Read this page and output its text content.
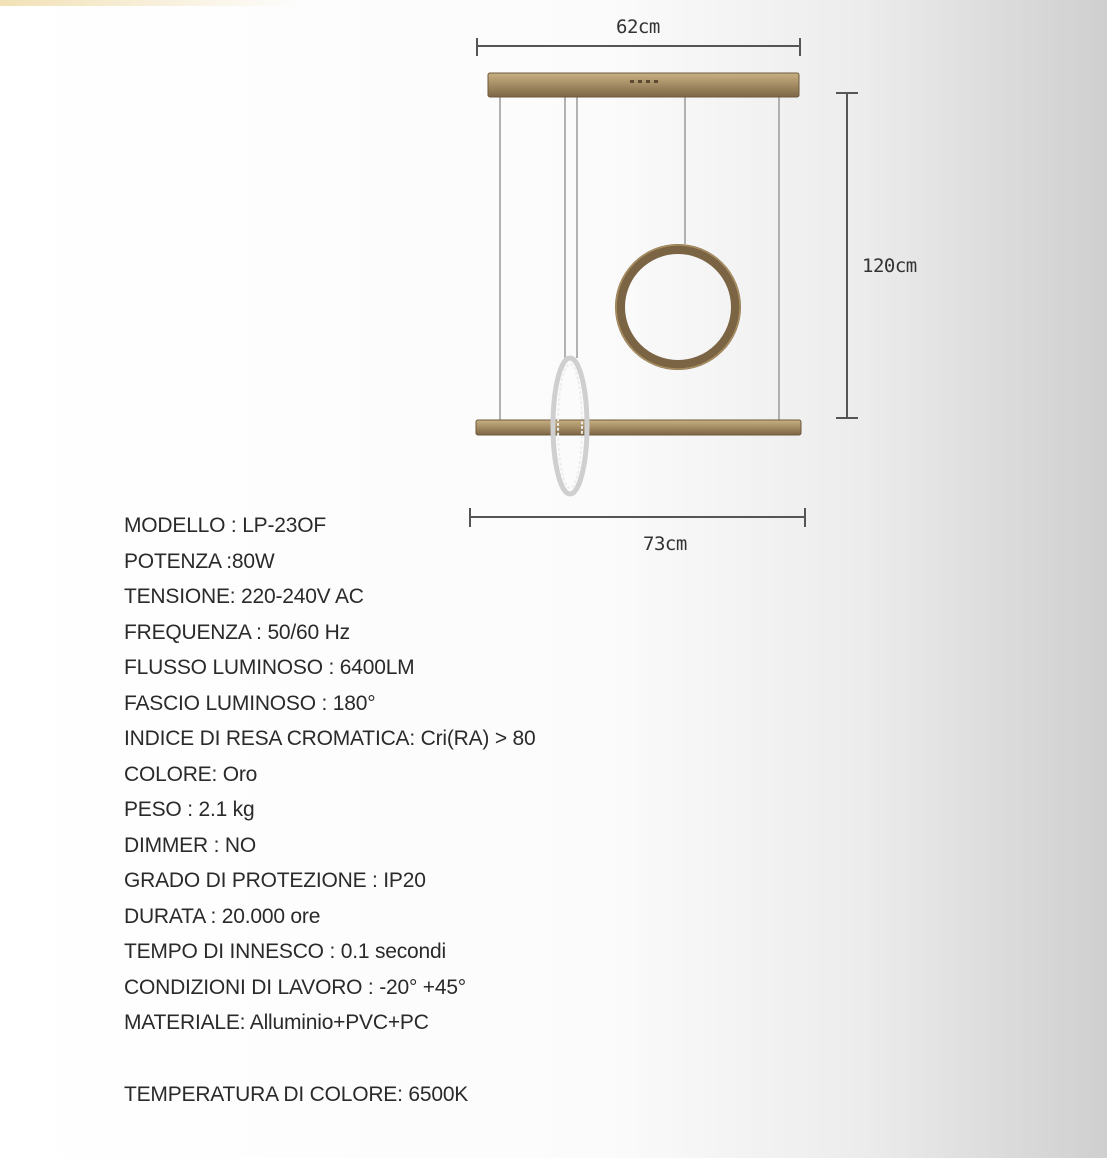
62cm
120cm
73cm
MODELLO : LP-23OF
POTENZA :80W
TENSIONE: 220-240V AC
FREQUENZA : 50/60 Hz
FLUSSO LUMINOSO : 6400LM
FASCIO LUMINOSO : 180°
INDICE DI RESA CROMATICA: Cri(RA) > 80
COLORE: Oro
PESO : 2.1 kg
DIMMER : NO
GRADO DI PROTEZIONE : IP20
DURATA : 20.000 ore
TEMPO DI INNESCO : 0.1 secondi
CONDIZIONI DI LAVORO : -20° +45°
MATERIALE: Alluminio+PVC+PC
TEMPERATURA DI COLORE: 6500K
